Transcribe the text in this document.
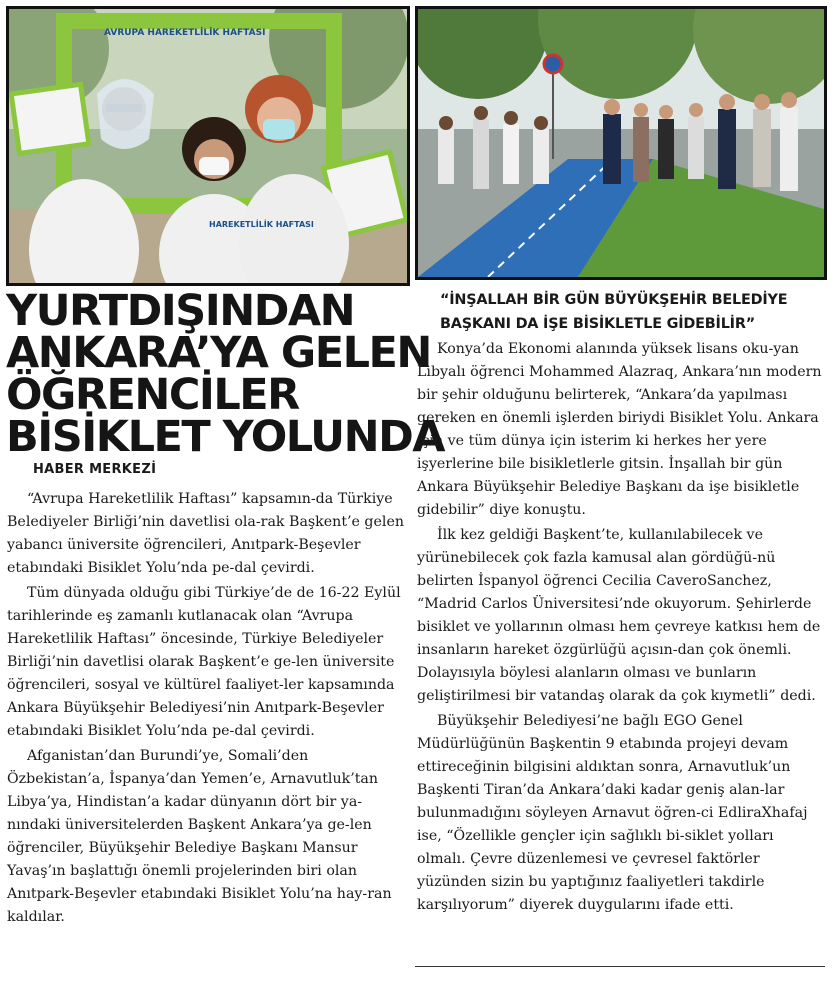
AVRUPA HAREKETLİLİK HAFTASI
HAREKETLİLİK HAFTASI
YURTDIŞINDAN
ANKARA’YA GELEN
ÖĞRENCİLER
BİSİKLET YOLUNDA
HABER MERKEZİ

“Avrupa Hareketlilik Haftası” kapsamın-da Türkiye Belediyeler Birliği’nin davetlisi ola-rak Başkent’e gelen yabancı üniversite öğrencileri, Anıtpark-Beşevler etabındaki Bisiklet Yolu’nda pe-dal çevirdi.

Tüm dünyada olduğu gibi Türkiye’de de 16-22 Eylül tarihlerinde eş zamanlı kutlanacak olan “Avrupa Hareketlilik Haftası” öncesinde, Türkiye Belediyeler Birliği’nin davetlisi olarak Başkent’e ge-len üniversite öğrencileri, sosyal ve kültürel faaliyet-ler kapsamında Ankara Büyükşehir Belediyesi’nin Anıtpark-Beşevler etabındaki Bisiklet Yolu’nda pe-dal çevirdi.

Afganistan’dan Burundi’ye, Somali’den Özbekistan’a, İspanya’dan Yemen’e, Arnavutluk’tan Libya’ya, Hindistan’a kadar dünyanın dört bir ya-nındaki üniversitelerden Başkent Ankara’ya ge-len öğrenciler, Büyükşehir Belediye Başkanı Mansur Yavaş’ın başlattığı önemli projelerinden biri olan Anıtpark-Beşevler etabındaki Bisiklet Yolu’na hay-ran kaldılar.

“İNŞALLAH BİR GÜN BÜYÜKŞEHİR BELEDİYE
BAŞKANI DA İŞE BİSİKLETLE GİDEBİLİR”

Konya’da Ekonomi alanında yüksek lisans oku-yan Libyalı öğrenci Mohammed Alazraq, Ankara’nın modern bir şehir olduğunu belirterek, “Ankara’da yapılması gereken en önemli işlerden biriydi Bisiklet Yolu. Ankara için ve tüm dünya için isterim ki herkes her yere işyerlerine bile bisikletlerle gitsin. İnşallah bir gün Ankara Büyükşehir Belediye Başkanı da işe bisikletle gidebilir” diye konuştu.

İlk kez geldiği Başkent’te, kullanılabilecek ve yürünebilecek çok fazla kamusal alan gördüğü-nü belirten İspanyol öğrenci Cecilia CaveroSanchez, “Madrid Carlos Üniversitesi’nde okuyorum. Şehirlerde bisiklet ve yollarının olması hem çevreye katkısı hem de insanların hareket özgürlüğü açısın-dan çok önemli. Dolayısıyla böylesi alanların olması ve bunların geliştirilmesi bir vatandaş olarak da çok kıymetli” dedi.

Büyükşehir Belediyesi’ne bağlı EGO Genel Müdürlüğünün Başkentin 9 etabında projeyi devam ettireceğinin bilgisini aldıktan sonra, Arnavutluk’un Başkenti Tiran’da Ankara’daki kadar geniş alan-lar bulunmadığını söyleyen Arnavut öğren-ci EdliraXhafaj ise, “Özellikle gençler için sağlıklı bi-siklet yolları olmalı. Çevre düzenlemesi ve çevresel faktörler yüzünden sizin bu yaptığınız faaliyetleri takdirle karşılıyorum” diyerek duygularını ifade etti.
